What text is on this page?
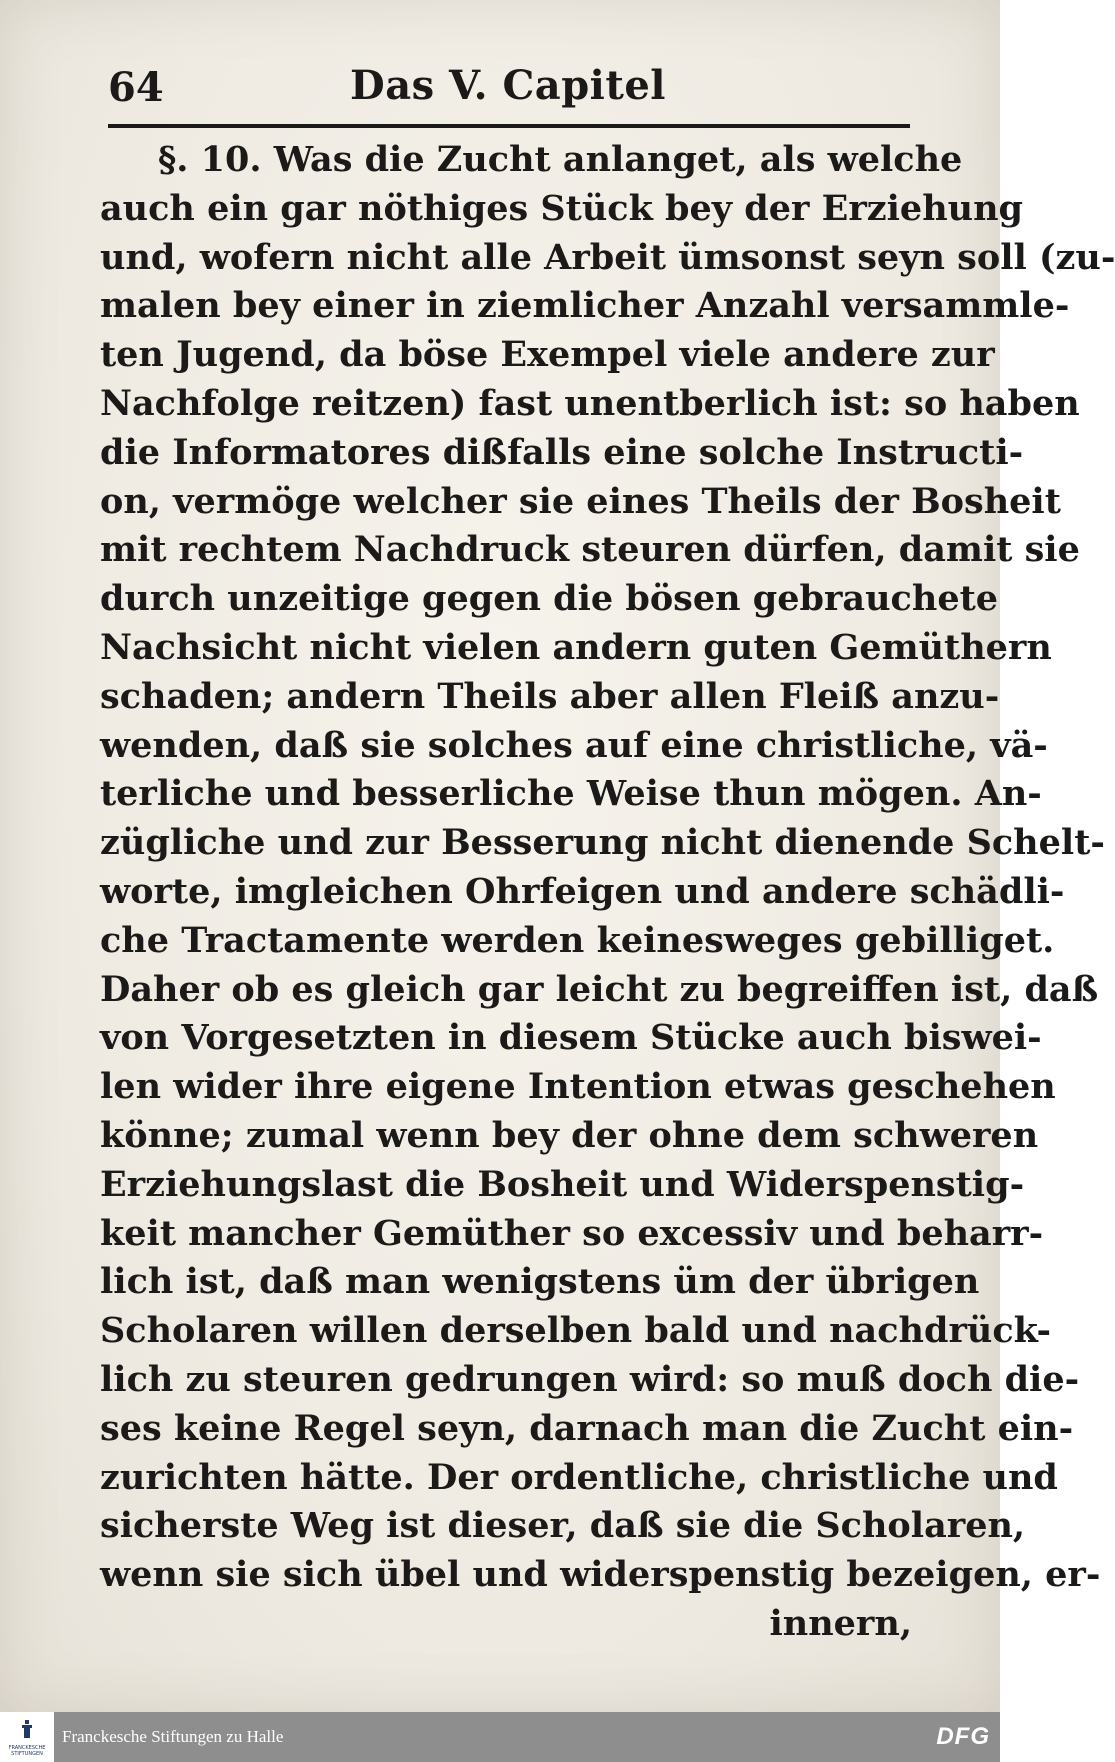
64	Das V. Capitel
§. 10. Was die Zucht anlanget, als welche
auch ein gar nöthiges Stück bey der Erziehung
und, wofern nicht alle Arbeit ümsonst seyn soll (zu-
malen bey einer in ziemlicher Anzahl versammle-
ten Jugend, da böse Exempel viele andere zur
Nachfolge reitzen) fast unentberlich ist: so haben
die Informatores dißfalls eine solche Instructi-
on, vermöge welcher sie eines Theils der Bosheit
mit rechtem Nachdruck steuren dürfen, damit sie
durch unzeitige gegen die bösen gebrauchete
Nachsicht nicht vielen andern guten Gemüthern
schaden; andern Theils aber allen Fleiß anzu-
wenden, daß sie solches auf eine christliche, vä-
terliche und besserliche Weise thun mögen. An-
zügliche und zur Besserung nicht dienende Schelt-
worte, imgleichen Ohrfeigen und andere schädli-
che Tractamente werden keinesweges gebilliget.
Daher ob es gleich gar leicht zu begreiffen ist, daß
von Vorgesetzten in diesem Stücke auch biswei-
len wider ihre eigene Intention etwas geschehen
könne; zumal wenn bey der ohne dem schweren
Erziehungslast die Bosheit und Widerspenstig-
keit mancher Gemüther so excessiv und beharr-
lich ist, daß man wenigstens üm der übrigen
Scholaren willen derselben bald und nachdrück-
lich zu steuren gedrungen wird: so muß doch die-
ses keine Regel seyn, darnach man die Zucht ein-
zurichten hätte. Der ordentliche, christliche und
sicherste Weg ist dieser, daß sie die Scholaren,
wenn sie sich übel und widerspenstig bezeigen, er-
innern,
FRANCKESCHE
STIFTUNGEN
Franckesche Stiftungen zu Halle	DFG
